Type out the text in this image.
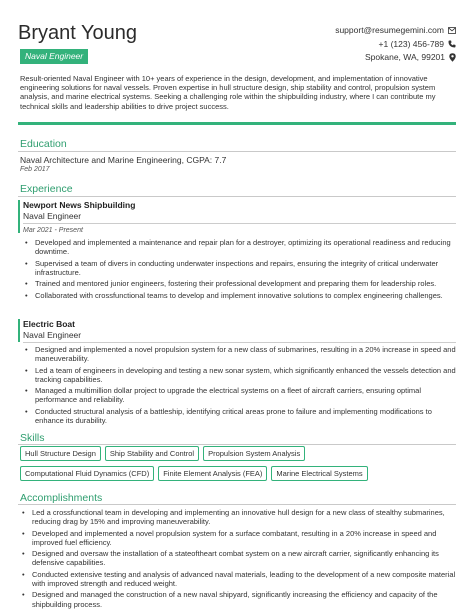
Bryant Young
Naval Engineer
support@resumegemini.com
+1 (123) 456-789
Spokane, WA, 99201

Result-oriented Naval Engineer with 10+ years of experience in the design, development, and implementation of innovative engineering solutions for naval vessels. Proven expertise in hull structure design, ship stability and control, propulsion system analysis, and marine electrical systems. Seeking a challenging role within the shipbuilding industry, where I can contribute my technical skills and leadership abilities to drive project success.

Education
Naval Architecture and Marine Engineering, CGPA: 7.7
Feb 2017
Experience
Newport News Shipbuilding
Naval Engineer
Mar 2021 - Present
• Developed and implemented a maintenance and repair plan for a destroyer, optimizing its operational readiness and reducing downtime.
• Supervised a team of divers in conducting underwater inspections and repairs, ensuring the integrity of critical underwater infrastructure.
• Trained and mentored junior engineers, fostering their professional development and preparing them for leadership roles.
• Collaborated with crossfunctional teams to develop and implement innovative solutions to complex engineering challenges.
Electric Boat
Naval Engineer
• Designed and implemented a novel propulsion system for a new class of submarines, resulting in a 20% increase in speed and maneuverability.
• Led a team of engineers in developing and testing a new sonar system, which significantly enhanced the vessels detection and tracking capabilities.
• Managed a multimillion dollar project to upgrade the electrical systems on a fleet of aircraft carriers, ensuring optimal performance and reliability.
• Conducted structural analysis of a battleship, identifying critical areas prone to failure and implementing modifications to enhance its durability.
Skills
Hull Structure Design	Ship Stability and Control	Propulsion System Analysis
Computational Fluid Dynamics (CFD)	Finite Element Analysis (FEA)	Marine Electrical Systems
Accomplishments
• Led a crossfunctional team in developing and implementing an innovative hull design for a new class of stealthy submarines, reducing drag by 15% and improving maneuverability.
• Developed and implemented a novel propulsion system for a surface combatant, resulting in a 20% increase in speed and improved fuel efficiency.
• Designed and oversaw the installation of a stateoftheart combat system on a new aircraft carrier, significantly enhancing its defensive capabilities.
• Conducted extensive testing and analysis of advanced naval materials, leading to the development of a new composite material with improved strength and reduced weight.
• Designed and managed the construction of a new naval shipyard, significantly increasing the efficiency and capacity of the shipbuilding process.
